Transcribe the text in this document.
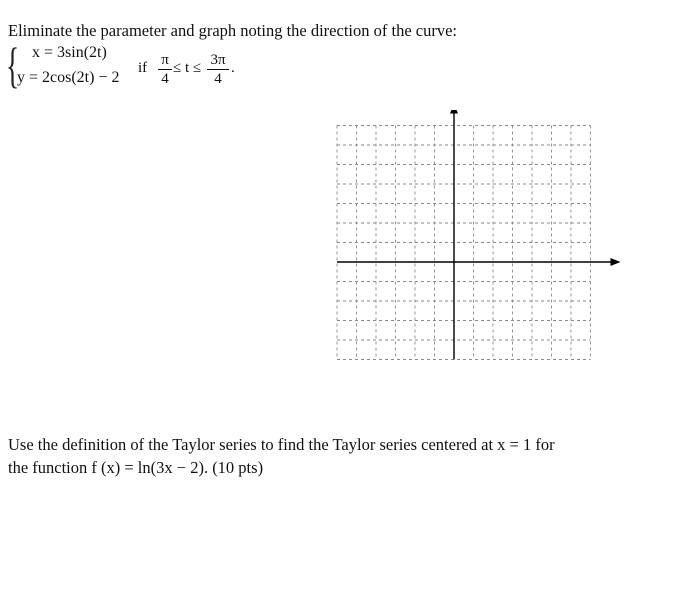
Eliminate the parameter and graph noting the direction of the curve:
{ x = 3sin(2t)
y = 2cos(2t) − 2
if π
4
≤ t ≤ 3π
4
.
Use the definition of the Taylor series to find the Taylor series centered at x = 1 for
the function f (x) = ln(3x − 2). (10 pts)
